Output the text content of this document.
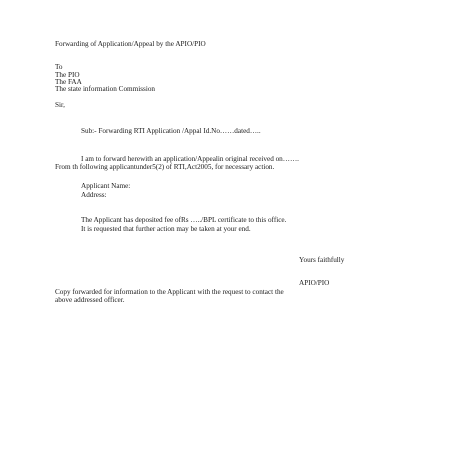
Forwarding of Application/Appeal by the APIO/PIO
To
The PIO
The FAA
The state information Commission
Sir,
Sub:- Forwarding RTI Application /Appal Id.No……dated…..
I am to forward herewith an application/Appealin original received on…….
From th following applicantunder5(2) of RTI,Act2005, for necessary action.
Applicant Name:
Address:
The Applicant has deposited fee ofRs …../BPL certificate to this office.
It is requested that further action may be taken at your end.
Yours faithfully
APIO/PIO
Copy forwarded for information to the Applicant with the request to contact the
above addressed officer.
